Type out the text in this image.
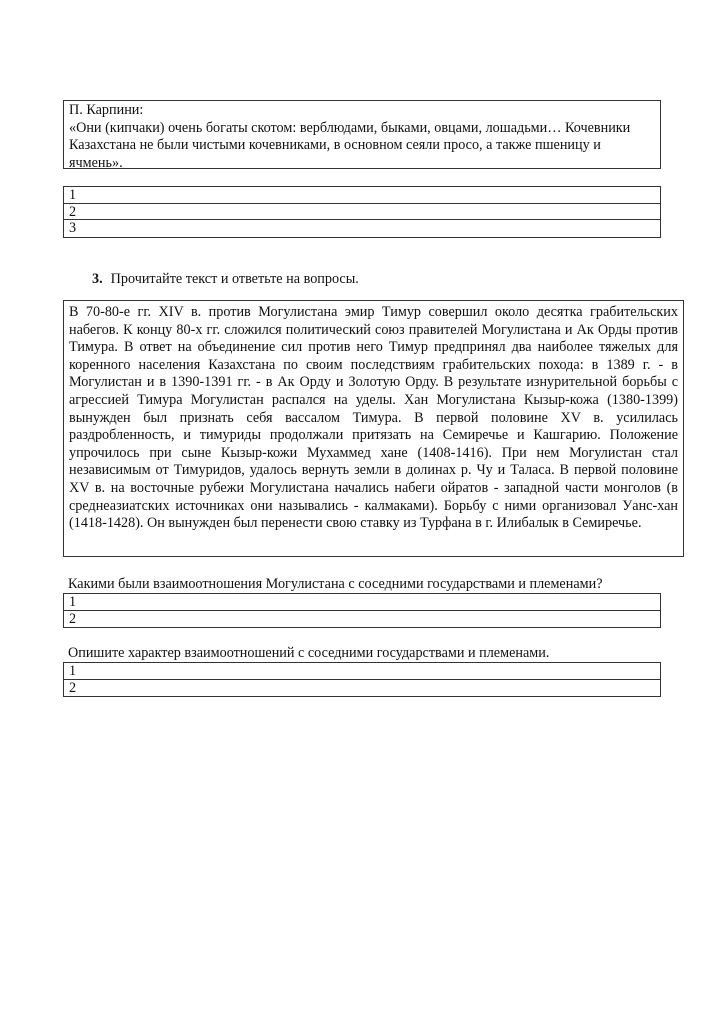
П. Карпини:
«Они (кипчаки) очень богаты скотом: верблюдами, быками, овцами, лошадьми… Кочевники Казахстана не были чистыми кочевниками, в основном сеяли просо, а также пшеницу и ячмень».
1
2
3
3. Прочитайте текст и ответьте на вопросы.
В 70-80-е гг. XIV в. против Могулистана эмир Тимур совершил около десятка грабительских набегов. К концу 80-х гг. сложился политический союз правителей Могулистана и Ак Орды против Тимура. В ответ на объединение сил против него Тимур предпринял два наиболее тяжелых для коренного населения Казахстана по своим последствиям грабительских похода: в 1389 г. - в Могулистан и в 1390-1391 гг. - в Ак Орду и Золотую Орду. В результате изнурительной борьбы с агрессией Тимура Могулистан распался на уделы. Хан Могулистана Кызыр-кожа (1380-1399) вынужден был признать себя вассалом Тимура. В первой половине XV в. усилилась раздробленность, и тимуриды продолжали притязать на Семиречье и Кашгарию. Положение упрочилось при сыне Кызыр-кожи Мухаммед хане (1408-1416). При нем Могулистан стал независимым от Тимуридов, удалось вернуть земли в долинах р. Чу и Таласа. В первой половине XV в. на восточные рубежи Могулистана начались набеги ойратов - западной части монголов (в среднеазиатских источниках они назывались - калмаками). Борьбу с ними организовал Уанс-хан (1418-1428). Он вынужден был перенести свою ставку из Турфана в г. Илибалык в Семиречье.
Какими были взаимоотношения Могулистана с соседними государствами и племенами?
1
2
Опишите характер взаимоотношений с соседними государствами и племенами.
1
2
